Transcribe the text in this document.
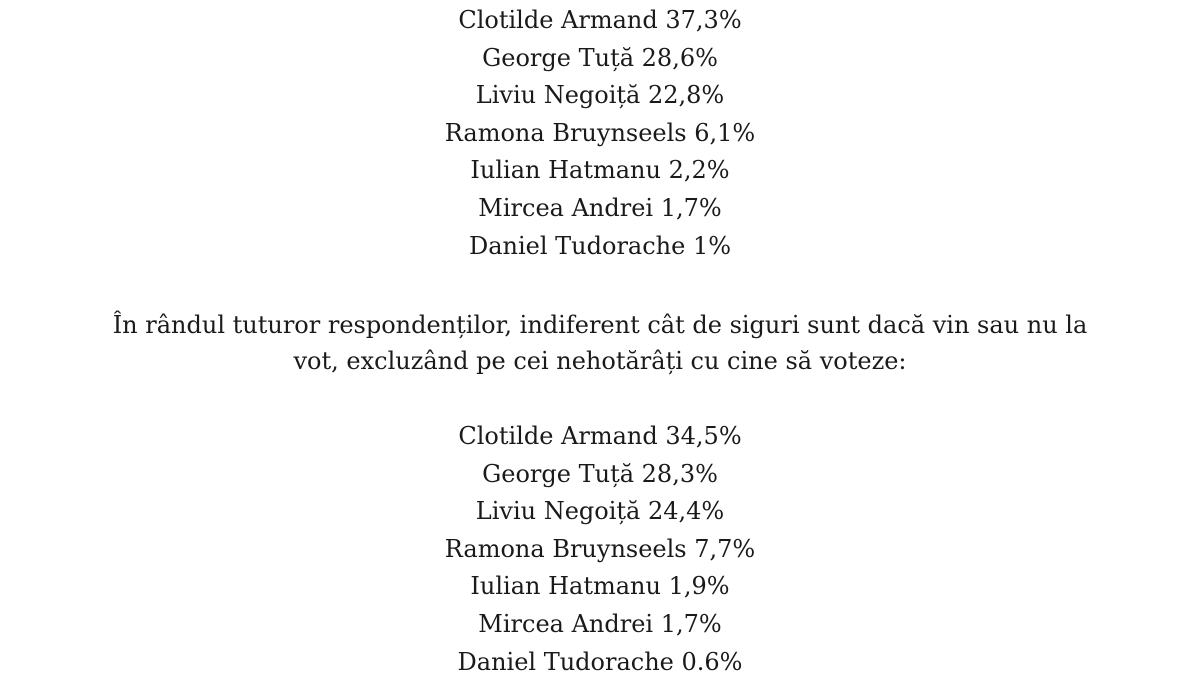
Clotilde Armand 37,3%
George Tuță 28,6%
Liviu Negoiță 22,8%
Ramona Bruynseels 6,1%
Iulian Hatmanu 2,2%
Mircea Andrei 1,7%
Daniel Tudorache 1%

În rândul tuturor respondenților, indiferent cât de siguri sunt dacă vin sau nu la vot, excluzând pe cei nehotărâți cu cine să voteze:

Clotilde Armand 34,5%
George Tuță 28,3%
Liviu Negoiță 24,4%
Ramona Bruynseels 7,7%
Iulian Hatmanu 1,9%
Mircea Andrei 1,7%
Daniel Tudorache 0.6%
